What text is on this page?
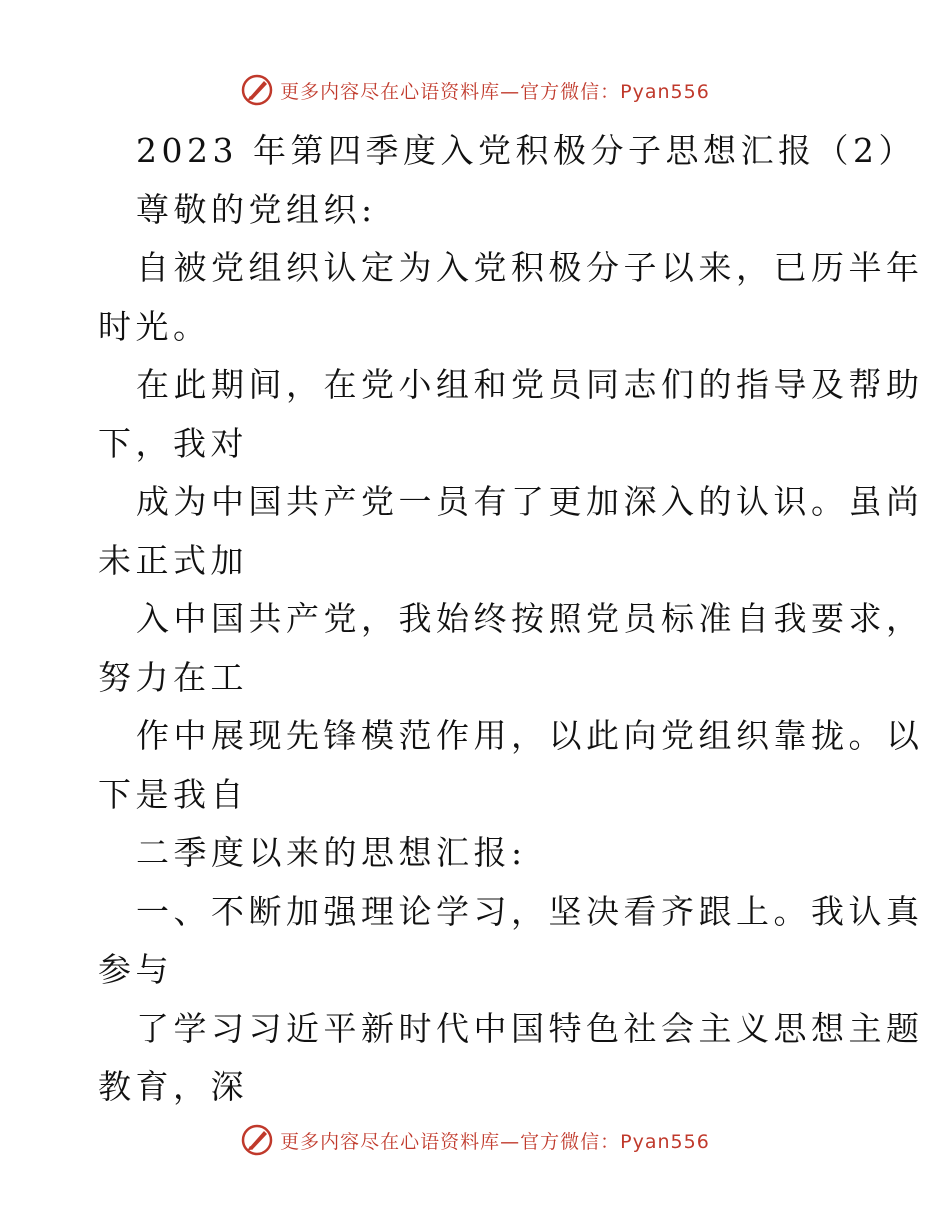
更多内容尽在心语资料库—官方微信：Pyan556
2023 年第四季度入党积极分子思想汇报（2）
尊敬的党组织:
自被党组织认定为入党积极分子以来，已历半年
时光。
在此期间，在党小组和党员同志们的指导及帮助
下，我对
成为中国共产党一员有了更加深入的认识。虽尚
未正式加
入中国共产党，我始终按照党员标准自我要求，
努力在工
作中展现先锋模范作用，以此向党组织靠拢。以
下是我自
二季度以来的思想汇报:
一、不断加强理论学习，坚决看齐跟上。我认真
参与
了学习习近平新时代中国特色社会主义思想主题
教育，深
更多内容尽在心语资料库—官方微信：Pyan556
